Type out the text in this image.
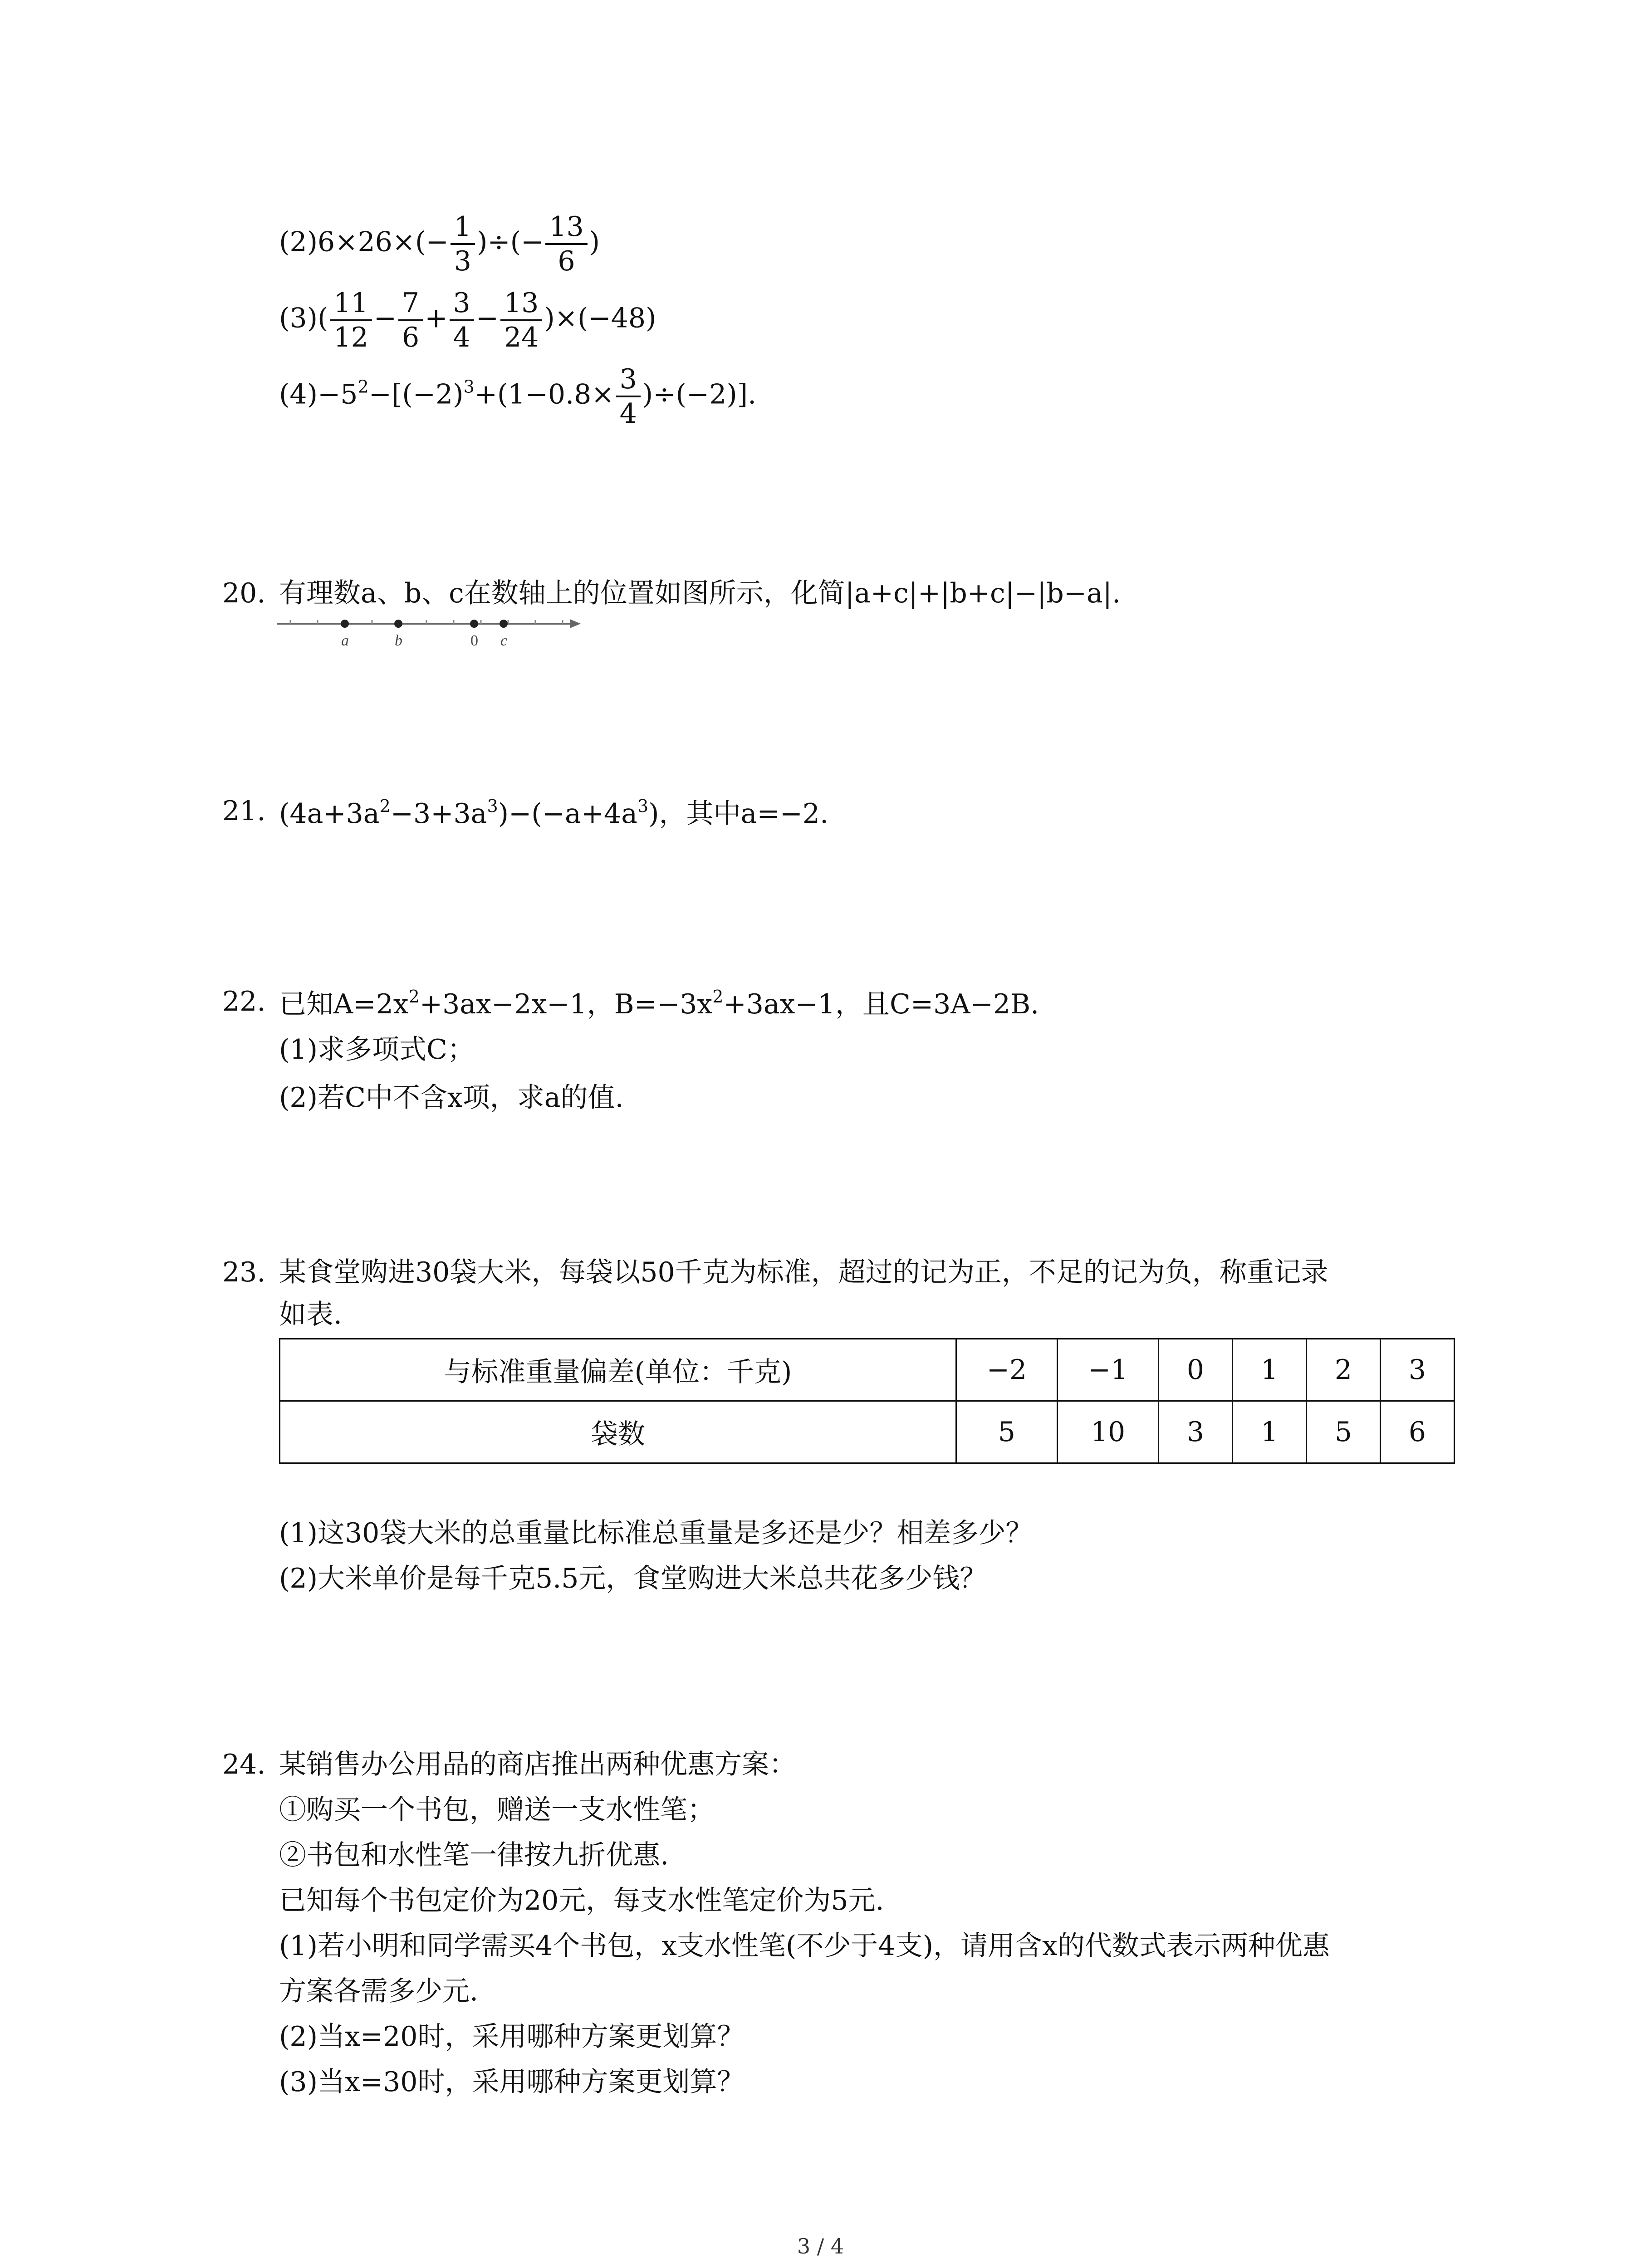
$(2)6\times 26\times(- \frac{1}{3}$ )÷(− $\frac{13}{6}$ )
$(3)( \frac{11}{12} - \frac{7}{6} + \frac{3}{4} - \frac{13}{24} )\times(-48)$
$(4)-5^2-[(-2)^3+(1-0.8\times \frac{3}{4} )\div(-2)]$.
20. 有理数a、b、c在数轴上的位置如图所示，化简|a+c|+|b+c|−|b−a|.
a	b	0 c
21. $(4a+3a^2-3+3a^3)-(-a+4a^3)$，其中a=−2.
22. 已知$A=2x^2+3ax-2x-1$，$B=-3x^2+3ax-1$，且C=3A−2B.
(1)求多项式C；
(2)若C中不含x项，求a的值.
23. 某食堂购进30袋大米，每袋以50千克为标准，超过的记为正，不足的记为负，称重记录
如表.
与标准重量偏差(单位：千克)	−2	−1	0	1	2	3
袋数	5	10	3	1	5	6
(1)这30袋大米的总重量比标准总重量是多还是少？相差多少？
(2)大米单价是每千克5.5元，食堂购进大米总共花多少钱？
24. 某销售办公用品的商店推出两种优惠方案：
①购买一个书包，赠送一支水性笔；
②书包和水性笔一律按九折优惠.
已知每个书包定价为20元，每支水性笔定价为5元.
(1)若小明和同学需买4个书包，x支水性笔(不少于4支)，请用含x的代数式表示两种优惠
方案各需多少元.
(2)当x=20时，采用哪种方案更划算？
(3)当x=30时，采用哪种方案更划算？
3 / 4
